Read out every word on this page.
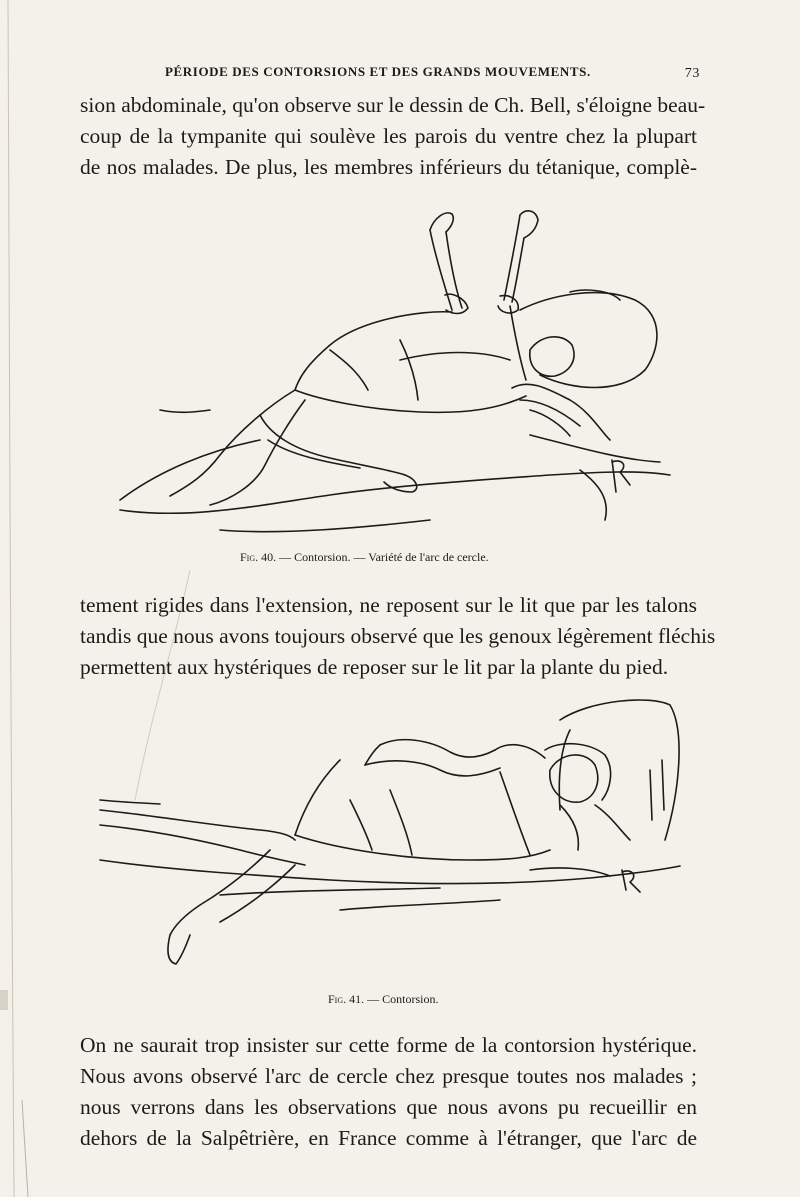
PÉRIODE DES CONTORSIONS ET DES GRANDS MOUVEMENTS.	73
sion abdominale, qu'on observe sur le dessin de Ch. Bell, s'éloigne beau-
coup de la tympanite qui soulève les parois du ventre chez la plupart
de nos malades. De plus, les membres inférieurs du tétanique, complè-
Fig. 40. — Contorsion. — Variété de l'arc de cercle.
tement rigides dans l'extension, ne reposent sur le lit que par les talons
tandis que nous avons toujours observé que les genoux légèrement fléchis
permettent aux hystériques de reposer sur le lit par la plante du pied.
Fig. 41. — Contorsion.
On ne saurait trop insister sur cette forme de la contorsion hystérique.
Nous avons observé l'arc de cercle chez presque toutes nos malades ;
nous verrons dans les observations que nous avons pu recueillir en
dehors de la Salpêtrière, en France comme à l'étranger, que l'arc de
